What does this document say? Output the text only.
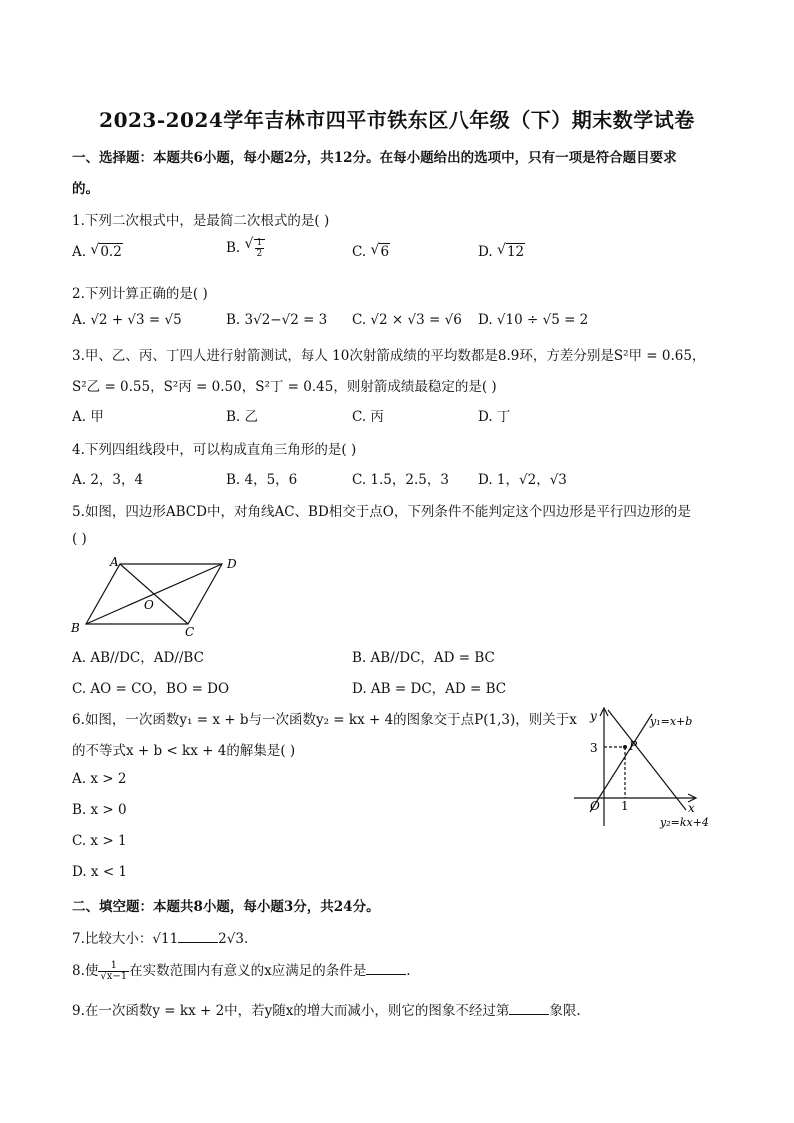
2023-2024学年吉林市四平市铁东区八年级（下）期末数学试卷
一、选择题：本题共6小题，每小题2分，共12分。在每小题给出的选项中，只有一项是符合题目要求
的。
1.下列二次根式中，是最简二次根式的是( )
A. √ 0.2	B.
√ $\frac{1}{2}$	C. √ 6	D. √ 12
2.下列计算正确的是( )
A. √2 + √3 = √5	B. 3√2−√2 = 3 C. √2 × √3 = √6 D. √10 ÷ √5 = 2
3.甲、乙、丙、丁四人进行射箭测试，每人 10次射箭成绩的平均数都是8.9环，方差分别是S²甲 = 0.65，
S²乙 = 0.55，S²丙 = 0.50，S²丁 = 0.45，则射箭成绩最稳定的是( )
A. 甲	B. 乙	C. 丙	D. 丁
4.下列四组线段中，可以构成直角三角形的是( )
A. 2，3，4	B. 4，5，6	C. 1.5，2.5，3 D. 1，√2，√3
5.如图，四边形ABCD中，对角线AC、BD相交于点O，下列条件不能判定这个四边形是平行四边形的是
( )
A	D
B	C
O
A. AB//DC，AD//BC	B. AB//DC，AD = BC
C. AO = CO，BO = DO	D. AB = DC，AD = BC
6.如图，一次函数y₁ = x + b与一次函数y₂ = kx + 4的图象交于点P(1,3)，则关于x
的不等式x + b < kx + 4的解集是( )
A. x > 2
B. x > 0
C. x > 1
D. x < 1
y
x
O
P
3
1
y₁=x+b
y₂=kx+4
二、填空题：本题共8小题，每小题3分，共24分。
7.比较大小：√11	2√3.
8.使 $\frac{1}{√x-1}$ 在实数范围内有意义的x应满足的条件是	.
9.在一次函数y = kx + 2中，若y随x的增大而减小，则它的图象不经过第	象限.
